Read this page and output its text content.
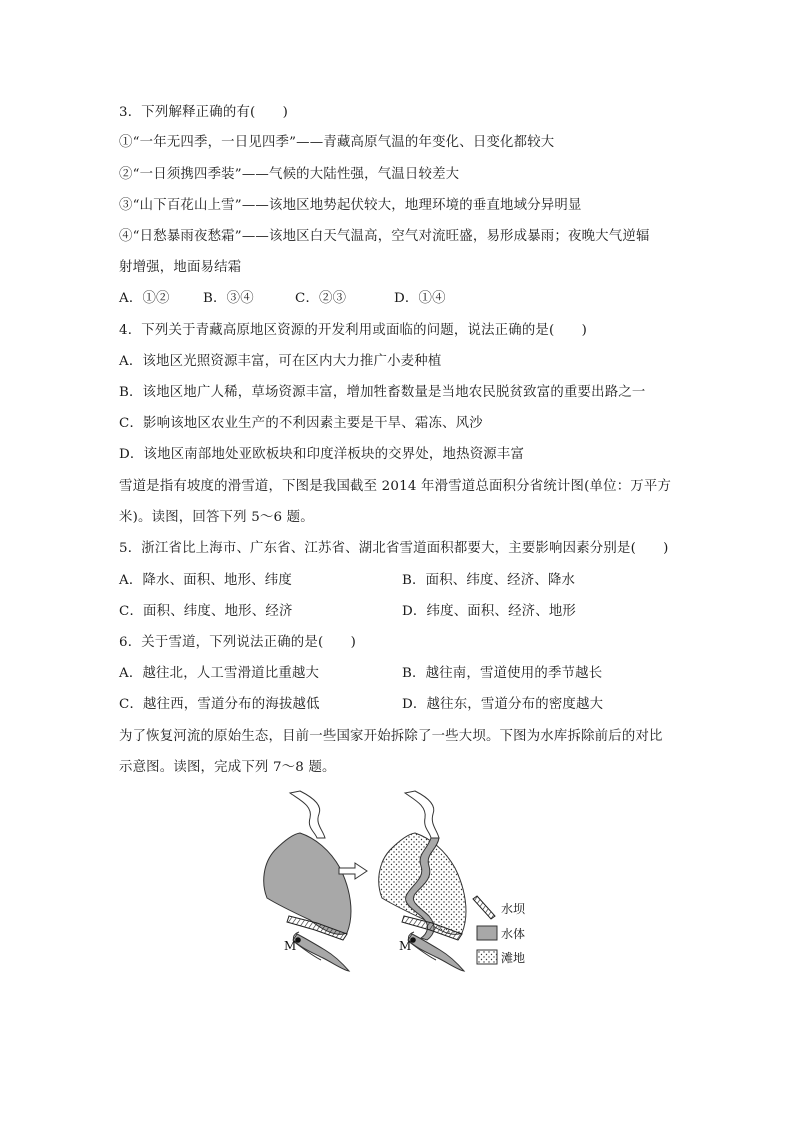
3．下列解释正确的有(　　)
①“一年无四季，一日见四季”——青藏高原气温的年变化、日变化都较大
②“一日须携四季装”——气候的大陆性强，气温日较差大
③“山下百花山上雪”——该地区地势起伏较大，地理环境的垂直地域分异明显
④“日愁暴雨夜愁霜”——该地区白天气温高，空气对流旺盛，易形成暴雨；夜晚大气逆辐
射增强，地面易结霜
A．①② B．③④	C．②③	D．①④
4．下列关于青藏高原地区资源的开发利用或面临的问题，说法正确的是(　　)
A．该地区光照资源丰富，可在区内大力推广小麦种植
B．该地区地广人稀，草场资源丰富，增加牲畜数量是当地农民脱贫致富的重要出路之一
C．影响该地区农业生产的不利因素主要是干旱、霜冻、风沙
D．该地区南部地处亚欧板块和印度洋板块的交界处，地热资源丰富
雪道是指有坡度的滑雪道，下图是我国截至 2014 年滑雪道总面积分省统计图(单位：万平方
米)。读图，回答下列 5～6 题。
5．浙江省比上海市、广东省、江苏省、湖北省雪道面积都要大，主要影响因素分别是(　　)
A．降水、面积、地形、纬度	B．面积、纬度、经济、降水
C．面积、纬度、地形、经济	D．纬度、面积、经济、地形
6．关于雪道，下列说法正确的是(　　)
A．越往北，人工雪滑道比重越大	B．越往南，雪道使用的季节越长
C．越往西，雪道分布的海拔越低	D．越往东，雪道分布的密度越大
为了恢复河流的原始生态，目前一些国家开始拆除了一些大坝。下图为水库拆除前后的对比
示意图。读图，完成下列 7～8 题。
M	M
水坝
水体
滩地
